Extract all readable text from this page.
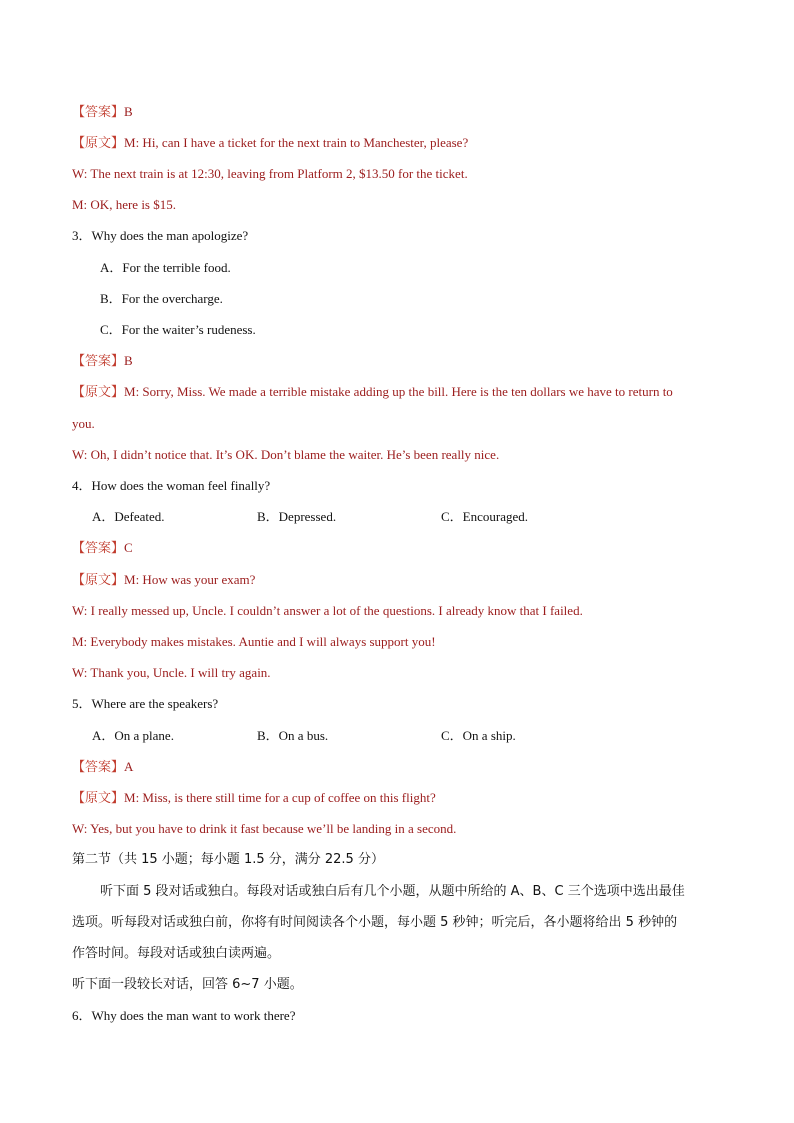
【答案】B
【原文】M: Hi, can I have a ticket for the next train to Manchester, please?
W: The next train is at 12:30, leaving from Platform 2, $13.50 for the ticket.
M: OK, here is $15.
3．Why does the man apologize?
A．For the terrible food.
B．For the overcharge.
C．For the waiter’s rudeness.
【答案】B
【原文】M: Sorry, Miss. We made a terrible mistake adding up the bill. Here is the ten dollars we have to return to
you.
W: Oh, I didn’t notice that. It’s OK. Don’t blame the waiter. He’s been really nice.
4．How does the woman feel finally?
A．Defeated.	B．Depressed.	C．Encouraged.
【答案】C
【原文】M: How was your exam?
W: I really messed up, Uncle. I couldn’t answer a lot of the questions. I already know that I failed.
M: Everybody makes mistakes. Auntie and I will always support you!
W: Thank you, Uncle. I will try again.
5．Where are the speakers?
A．On a plane.	B．On a bus.	C．On a ship.
【答案】A
【原文】M: Miss, is there still time for a cup of coffee on this flight?
W: Yes, but you have to drink it fast because we’ll be landing in a second.
第二节（共 15 小题；每小题 1.5 分，满分 22.5 分）
听下面 5 段对话或独白。每段对话或独白后有几个小题，从题中所给的 A、B、C 三个选项中选出最佳
选项。听每段对话或独白前，你将有时间阅读各个小题，每小题 5 秒钟；听完后，各小题将给出 5 秒钟的
作答时间。每段对话或独白读两遍。
听下面一段较长对话，回答 6~7 小题。
6．Why does the man want to work there?
